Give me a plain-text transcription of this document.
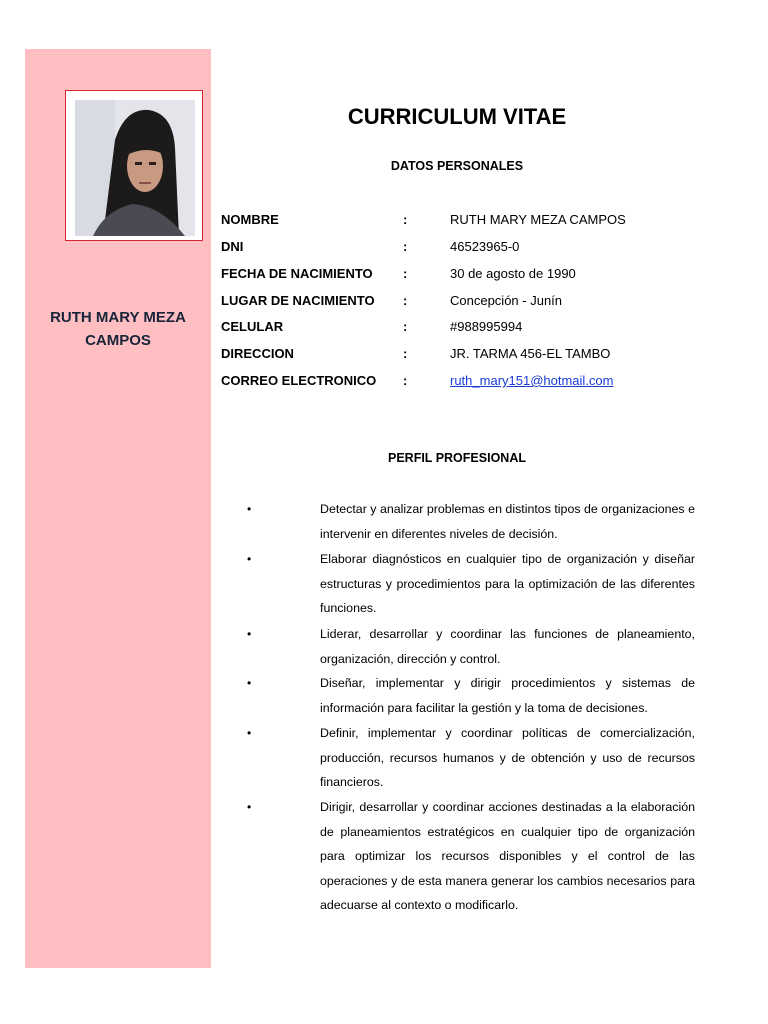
RUTH MARY MEZA
CAMPOS
CURRICULUM VITAE
DATOS PERSONALES
NOMBRE	:	RUTH MARY MEZA CAMPOS
DNI	:	46523965-0
FECHA DE NACIMIENTO :	30 de agosto de 1990
LUGAR DE NACIMIENTO :	Concepción - Junín
CELULAR	:	#988995994
DIRECCION	:	JR. TARMA 456-EL TAMBO
CORREO ELECTRONICO :	ruth_mary151@hotmail.com
PERFIL PROFESIONAL
•	Detectar y analizar problemas en distintos tipos de organizaciones e intervenir en diferentes niveles de decisión.
•	Elaborar diagnósticos en cualquier tipo de organización y diseñar estructuras y procedimientos para la optimización de las diferentes funciones.
•	Liderar, desarrollar y coordinar las funciones de planeamiento, organización, dirección y control.
•	Diseñar, implementar y dirigir procedimientos y sistemas de información para facilitar la gestión y la toma de decisiones.
•	Definir, implementar y coordinar políticas de comercialización, producción, recursos humanos y de obtención y uso de recursos financieros.
•	Dirigir, desarrollar y coordinar acciones destinadas a la elaboración de planeamientos estratégicos en cualquier tipo de organización para optimizar los recursos disponibles y el control de las operaciones y de esta manera generar los cambios necesarios para adecuarse al contexto o modificarlo.
